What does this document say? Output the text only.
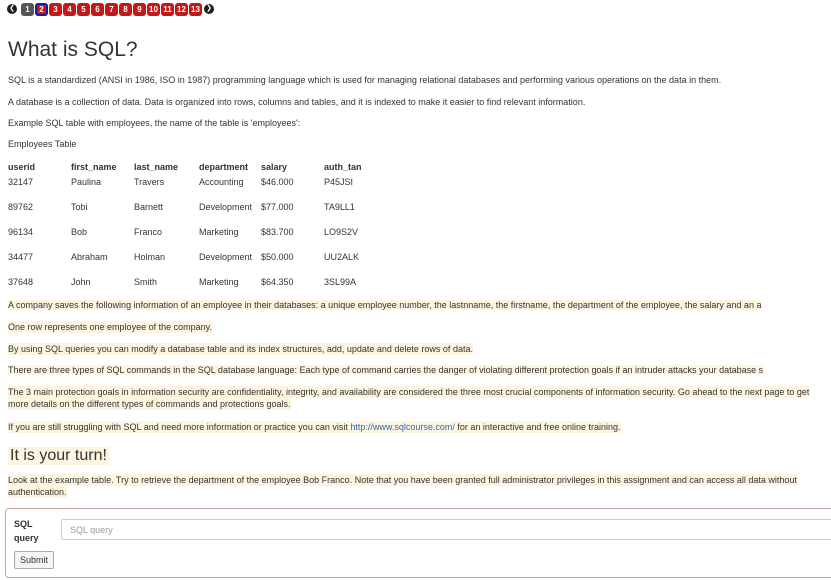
❮	1	2	3	4	5	6	7	8	9 10 11 12 13 ❯
What is SQL?
SQL is a standardized (ANSI in 1986, ISO in 1987) programming language which is used for managing relational databases and performing various operations on the data in them.
A database is a collection of data. Data is organized into rows, columns and tables, and it is indexed to make it easier to find relevant information.
Example SQL table with employees, the name of the table is 'employees':
Employees Table
userid	first_name	last_name	department	salary	auth_tan
32147	Paulina	Travers	Accounting	$46.000	P45JSI
89762	Tobi	Barnett	Development	$77.000	TA9LL1
96134	Bob	Franco	Marketing	$83.700	LO9S2V
34477	Abraham	Holman	Development	$50.000	UU2ALK
37648	John	Smith	Marketing	$64.350	3SL99A
A company saves the following information of an employee in their databases: a unique employee number, the lastnname, the firstname, the department of the employee, the salary and an a
One row represents one employee of the company.
By using SQL queries you can modify a database table and its index structures, add, update and delete rows of data.
There are three types of SQL commands in the SQL database language: Each type of command carries the danger of violating different protection goals if an intruder attacks your database s
The 3 main protection goals in information security are confidentiality, integrity, and availability are considered the three most crucial components of information security. Go ahead to the next page to get more details on the different types of commands and protections goals.
If you are still struggling with SQL and need more information or practice you can visit http://www.sqlcourse.com/ for an interactive and free online training.
It is your turn!
Look at the example table. Try to retrieve the department of the employee Bob Franco. Note that you have been granted full administrator privileges in this assignment and can access all data without authentication.
SQL
query
SQL query
Submit
